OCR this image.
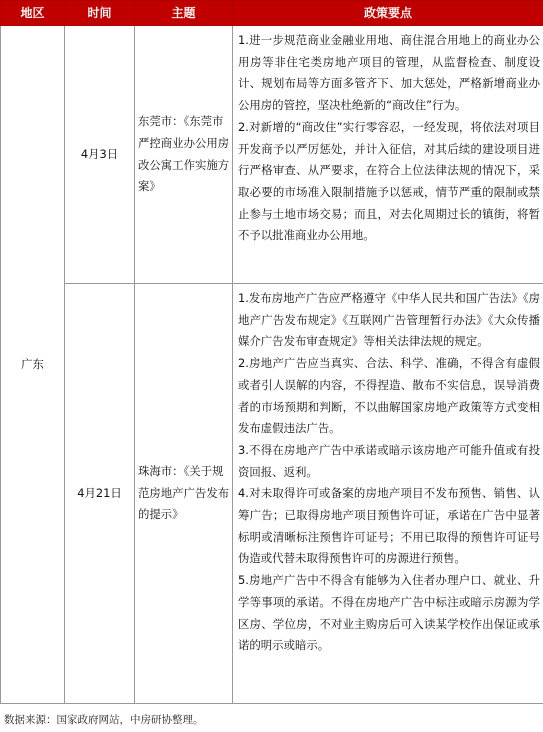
地区	时间	主题	政策要点
广东	4月3日	东莞市：《东莞市严控商业办公用房改公寓工作实施方案》	1.进一步规范商业金融业用地、商住混合用地上的商业办公用房等非住宅类房地产项目的管理，从监督检查、制度设计、规划布局等方面多管齐下、加大惩处，严格新增商业办公用房的管控，坚决杜绝新的“商改住”行为。

2.对新增的“商改住”实行零容忍，一经发现，将依法对项目开发商予以严厉惩处，并计入征信，对其后续的建设项目进行严格审查、从严要求，在符合上位法律法规的情况下，采取必要的市场准入限制措施予以惩戒，情节严重的限制或禁止参与土地市场交易；而且，对去化周期过长的镇街，将暂不予以批准商业办公用地。

	4月21日	珠海市：《关于规范房地产广告发布的提示》	1.发布房地产广告应严格遵守《中华人民共和国广告法》《房地产广告发布规定》《互联网广告管理暂行办法》《大众传播媒介广告发布审查规定》等相关法律法规的规定。

2.房地产广告应当真实、合法、科学、准确，不得含有虚假或者引人误解的内容，不得捏造、散布不实信息，误导消费者的市场预期和判断，不以曲解国家房地产政策等方式变相发布虚假违法广告。

3.不得在房地产广告中承诺或暗示该房地产可能升值或有投资回报、返利。

4.对未取得许可或备案的房地产项目不发布预售、销售、认筹广告；已取得房地产项目预售许可证，承诺在广告中显著标明或清晰标注预售许可证号；不用已取得的预售许可证号伪造或代替未取得预售许可的房源进行预售。

5.房地产广告中不得含有能够为入住者办理户口、就业、升学等事项的承诺。不得在房地产广告中标注或暗示房源为学区房、学位房，不对业主购房后可入读某学校作出保证或承诺的明示或暗示。

数据来源：国家政府网站，中房研协整理。
